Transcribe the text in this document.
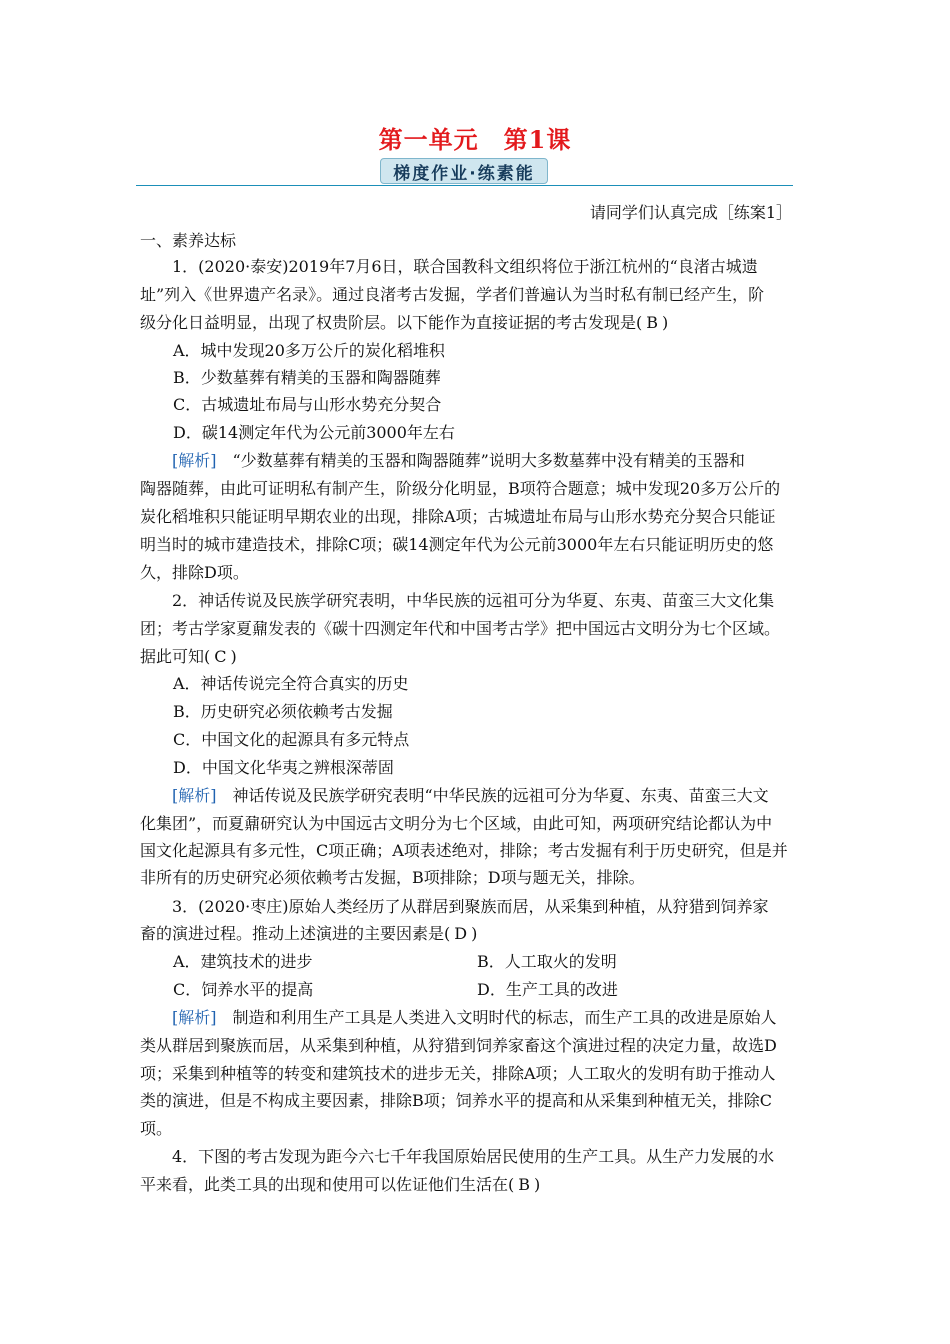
第一单元　第1课
梯度作业·练素能
请同学们认真完成［练案1］
一、素养达标
1．(2020·泰安)2019年7月6日，联合国教科文组织将位于浙江杭州的“良渚古城遗
址”列入《世界遗产名录》。通过良渚考古发掘，学者们普遍认为当时私有制已经产生，阶
级分化日益明显，出现了权贵阶层。以下能作为直接证据的考古发现是( B )
A．城中发现20多万公斤的炭化稻堆积
B．少数墓葬有精美的玉器和陶器随葬
C．古城遗址布局与山形水势充分契合
D．碳14测定年代为公元前3000年左右
[解析]　“少数墓葬有精美的玉器和陶器随葬”说明大多数墓葬中没有精美的玉器和
陶器随葬，由此可证明私有制产生，阶级分化明显，B项符合题意；城中发现20多万公斤的
炭化稻堆积只能证明早期农业的出现，排除A项；古城遗址布局与山形水势充分契合只能证
明当时的城市建造技术，排除C项；碳14测定年代为公元前3000年左右只能证明历史的悠
久，排除D项。
2．神话传说及民族学研究表明，中华民族的远祖可分为华夏、东夷、苗蛮三大文化集
团；考古学家夏鼐发表的《碳十四测定年代和中国考古学》把中国远古文明分为七个区域。
据此可知( C )
A．神话传说完全符合真实的历史
B．历史研究必须依赖考古发掘
C．中国文化的起源具有多元特点
D．中国文化华夷之辨根深蒂固
[解析]　神话传说及民族学研究表明“中华民族的远祖可分为华夏、东夷、苗蛮三大文
化集团”，而夏鼐研究认为中国远古文明分为七个区域，由此可知，两项研究结论都认为中
国文化起源具有多元性，C项正确；A项表述绝对，排除；考古发掘有利于历史研究，但是并
非所有的历史研究必须依赖考古发掘，B项排除；D项与题无关，排除。
3．(2020·枣庄)原始人类经历了从群居到聚族而居，从采集到种植，从狩猎到饲养家
畜的演进过程。推动上述演进的主要因素是( D )
A．建筑技术的进步	B．人工取火的发明
C．饲养水平的提高	D．生产工具的改进
[解析]　制造和利用生产工具是人类进入文明时代的标志，而生产工具的改进是原始人
类从群居到聚族而居，从采集到种植，从狩猎到饲养家畜这个演进过程的决定力量，故选D
项；采集到种植等的转变和建筑技术的进步无关，排除A项；人工取火的发明有助于推动人
类的演进，但是不构成主要因素，排除B项；饲养水平的提高和从采集到种植无关，排除C
项。
4．下图的考古发现为距今六七千年我国原始居民使用的生产工具。从生产力发展的水
平来看，此类工具的出现和使用可以佐证他们生活在( B )
